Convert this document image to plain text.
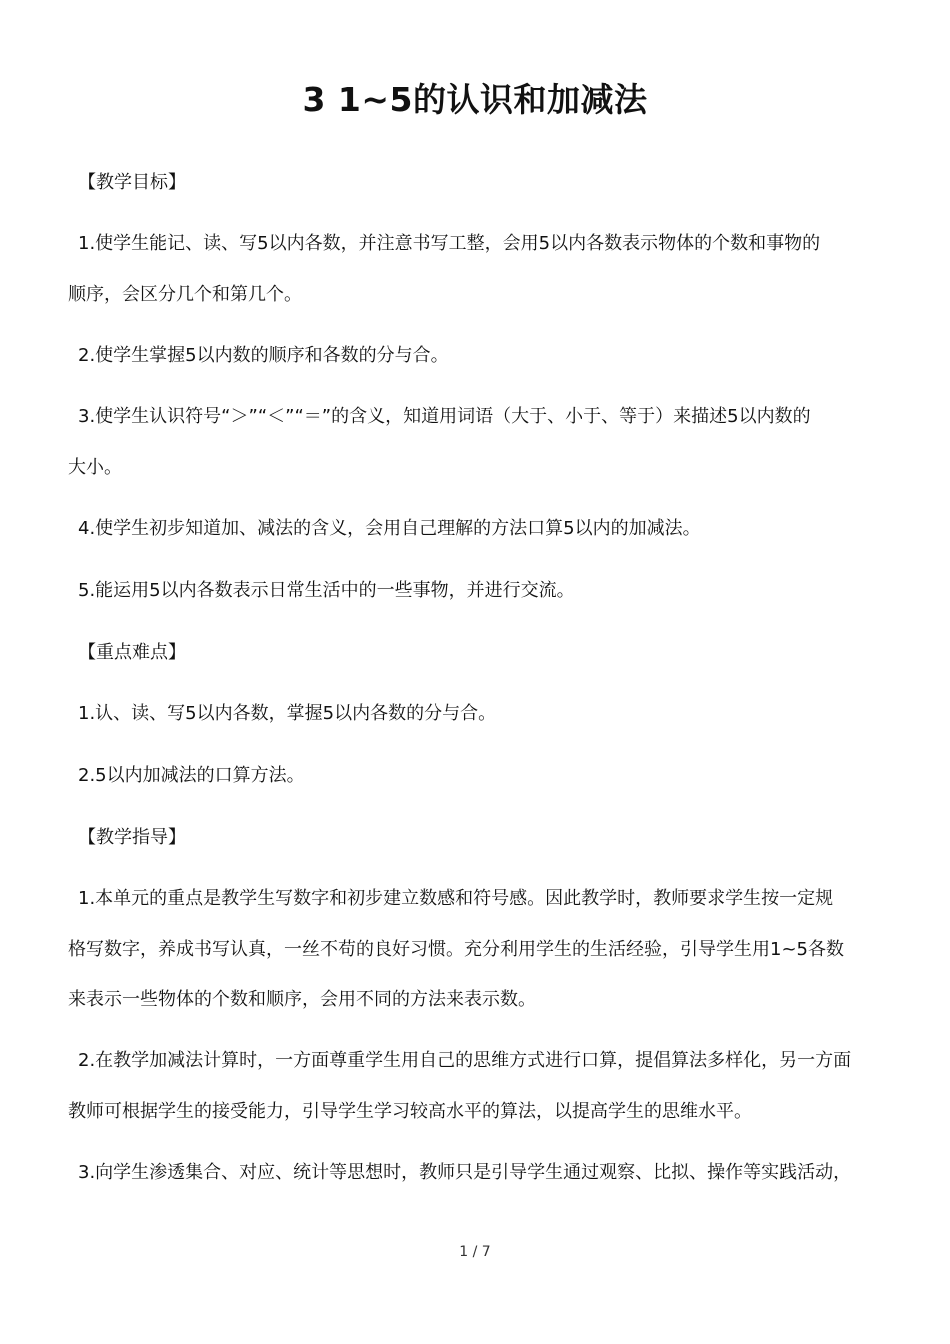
3 1~5的认识和加减法
【教学目标】
1.使学生能记、读、写5以内各数，并注意书写工整，会用5以内各数表示物体的个数和事物的
顺序，会区分几个和第几个。
2.使学生掌握5以内数的顺序和各数的分与合。
3.使学生认识符号“＞”“＜”“＝”的含义，知道用词语（大于、小于、等于）来描述5以内数的
大小。
4.使学生初步知道加、减法的含义，会用自己理解的方法口算5以内的加减法。
5.能运用5以内各数表示日常生活中的一些事物，并进行交流。
【重点难点】
1.认、读、写5以内各数，掌握5以内各数的分与合。
2.5以内加减法的口算方法。
【教学指导】
1.本单元的重点是教学生写数字和初步建立数感和符号感。因此教学时，教师要求学生按一定规
格写数字，养成书写认真，一丝不苟的良好习惯。充分利用学生的生活经验，引导学生用1~5各数
来表示一些物体的个数和顺序，会用不同的方法来表示数。
2.在教学加减法计算时，一方面尊重学生用自己的思维方式进行口算，提倡算法多样化，另一方面
教师可根据学生的接受能力，引导学生学习较高水平的算法，以提高学生的思维水平。
3.向学生渗透集合、对应、统计等思想时，教师只是引导学生通过观察、比拟、操作等实践活动，
1 / 7
